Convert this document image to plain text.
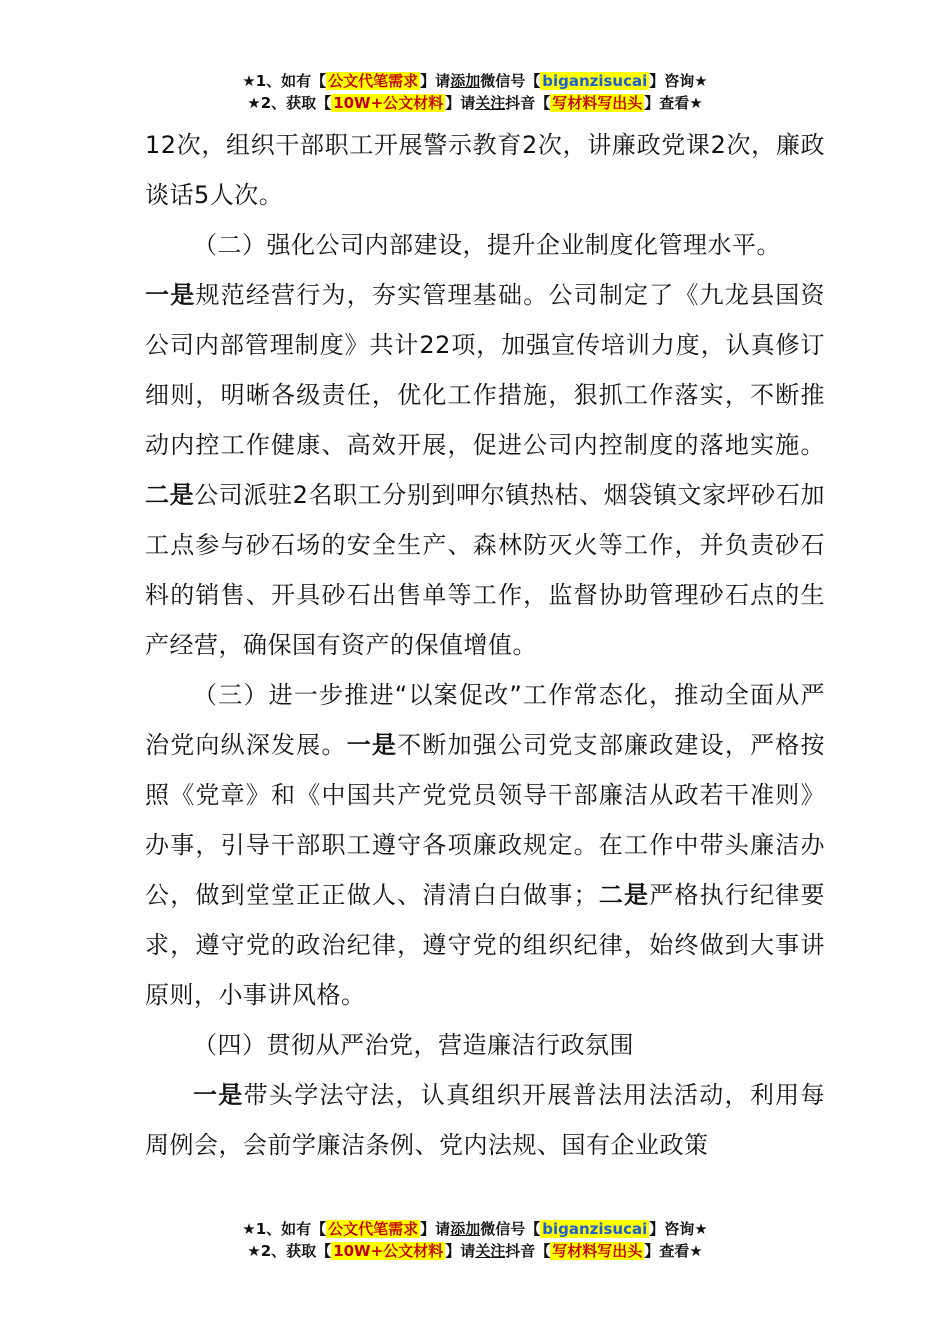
★1、如有【 公文代笔需求 】请添加微信号【 biganzisucai 】咨询★
★2、获取【 10W+公文材料 】请关注抖音【 写材料写出头 】查看★

12次，组织干部职工开展警示教育2次，讲廉政党课2次，廉政谈话5人次。

（二）强化公司内部建设，提升企业制度化管理水平。

一是规范经营行为，夯实管理基础。公司制定了《九龙县国资公司内部管理制度》共计22项，加强宣传培训力度，认真修订细则，明晰各级责任，优化工作措施，狠抓工作落实，不断推动内控工作健康、高效开展，促进公司内控制度的落地实施。二是公司派驻2名职工分别到呷尔镇热枯、烟袋镇文家坪砂石加工点参与砂石场的安全生产、森林防灭火等工作，并负责砂石料的销售、开具砂石出售单等工作，监督协助管理砂石点的生产经营，确保国有资产的保值增值。

（三）进一步推进“以案促改”工作常态化，推动全面从严治党向纵深发展。一是不断加强公司党支部廉政建设，严格按照《党章》和《中国共产党党员领导干部廉洁从政若干准则》办事，引导干部职工遵守各项廉政规定。在工作中带头廉洁办公，做到堂堂正正做人、清清白白做事；二是严格执行纪律要求，遵守党的政治纪律，遵守党的组织纪律，始终做到大事讲原则，小事讲风格。

（四）贯彻从严治党，营造廉洁行政氛围

一是带头学法守法，认真组织开展普法用法活动，利用每周例会，会前学廉洁条例、党内法规、国有企业政策

★1、如有【 公文代笔需求 】请添加微信号【 biganzisucai 】咨询★
★2、获取【 10W+公文材料 】请关注抖音【 写材料写出头 】查看★
